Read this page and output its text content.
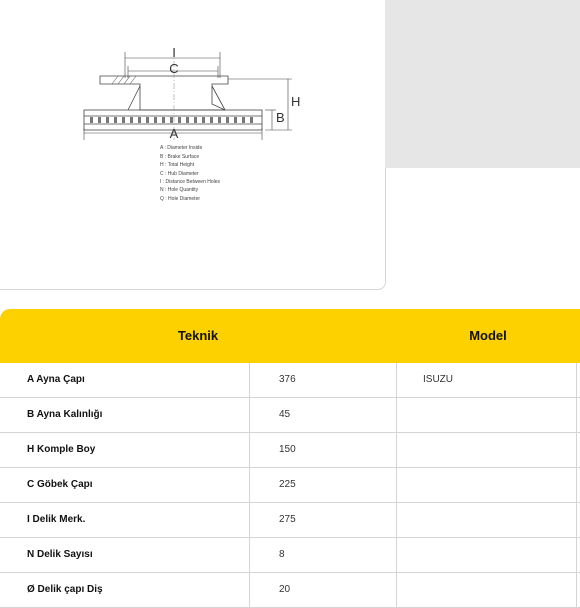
I
C
H
B
A
A : Diameter Inside
B : Brake Surface
H : Total Height
C : Hub Diameter
I : Distance Between Holes
N : Hole Quantity
Q : Hole Diameter
Teknik	Model
A Ayna Çapı	376	ISUZU
B Ayna Kalınlığı	45
H Komple Boy	150
C Göbek Çapı	225
I Delik Merk.	275
N Delik Sayısı	8
Ø Delik çapı Diş	20
